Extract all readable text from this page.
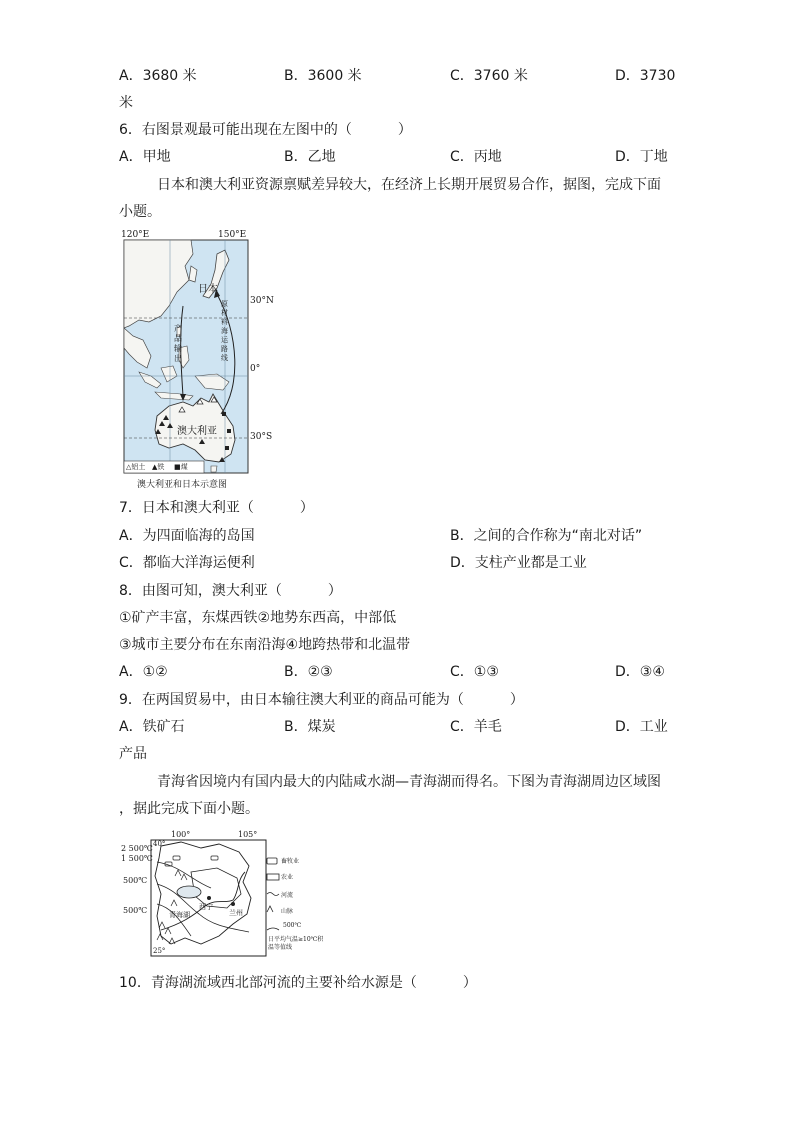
A．3680 米	B．3600 米	C．3760 米	D．3730
米
6．右图景观最可能出现在左图中的（	）
A．甲地	B．乙地	C．丙地	D．丁地
日本和澳大利亚资源禀赋差异较大，在经济上长期开展贸易合作，据图，完成下面
小题。
120°E	150°E
30°N
0°
30°S
日本
澳大利亚
产品输出
原材料海运路线
△铝土 ▲铁 ■煤
澳大利亚和日本示意图
7．日本和澳大利亚（	）
A．为四面临海的岛国	B．之间的合作称为“南北对话”
C．都临大洋海运便利	D．支柱产业都是工业
8．由图可知，澳大利亚（	）
①矿产丰富，东煤西铁②地势东西高，中部低
③城市主要分布在东南沿海④地跨热带和北温带
A．①②	B．②③	C．①③	D．③④
9．在两国贸易中，由日本输往澳大利亚的商品可能为（	）
A．铁矿石	B．煤炭	C．羊毛	D．工业
产品
青海省因境内有国内最大的内陆咸水湖—青海湖而得名。下图为青海湖周边区域图
，据此完成下面小题。
100°	105°
2 500℃
1 500℃
500℃
500℃
25°
40°
西宁
青海湖	兰州
畜牧业
农业
河流
山脉
500℃
日平均气温≥10℃积温等值线
10．青海湖流域西北部河流的主要补给水源是（	）
